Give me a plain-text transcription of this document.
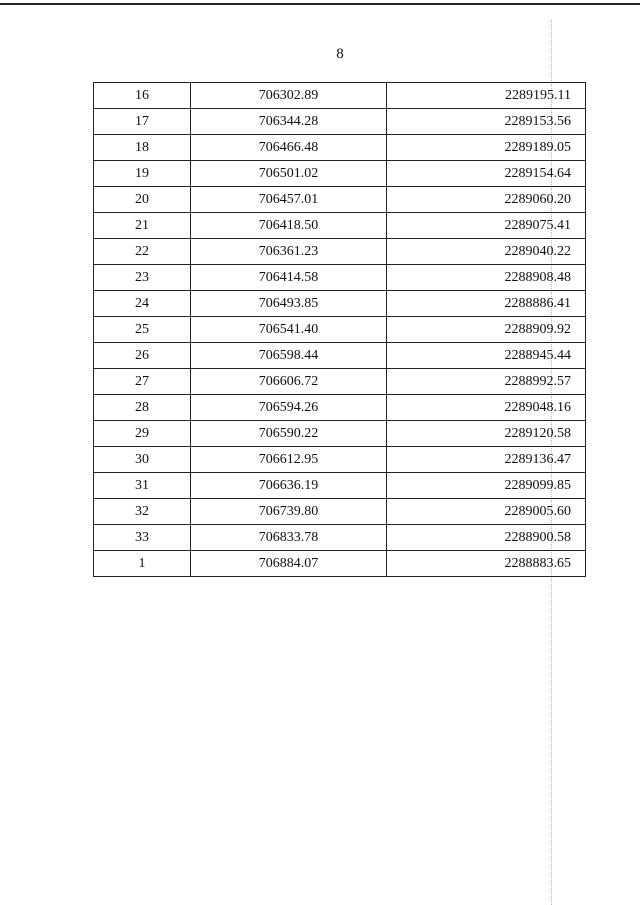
8
16	706302.89	2289195.11
17	706344.28	2289153.56
18	706466.48	2289189.05
19	706501.02	2289154.64
20	706457.01	2289060.20
21	706418.50	2289075.41
22	706361.23	2289040.22
23	706414.58	2288908.48
24	706493.85	2288886.41
25	706541.40	2288909.92
26	706598.44	2288945.44
27	706606.72	2288992.57
28	706594.26	2289048.16
29	706590.22	2289120.58
30	706612.95	2289136.47
31	706636.19	2289099.85
32	706739.80	2289005.60
33	706833.78	2288900.58
1	706884.07	2288883.65
